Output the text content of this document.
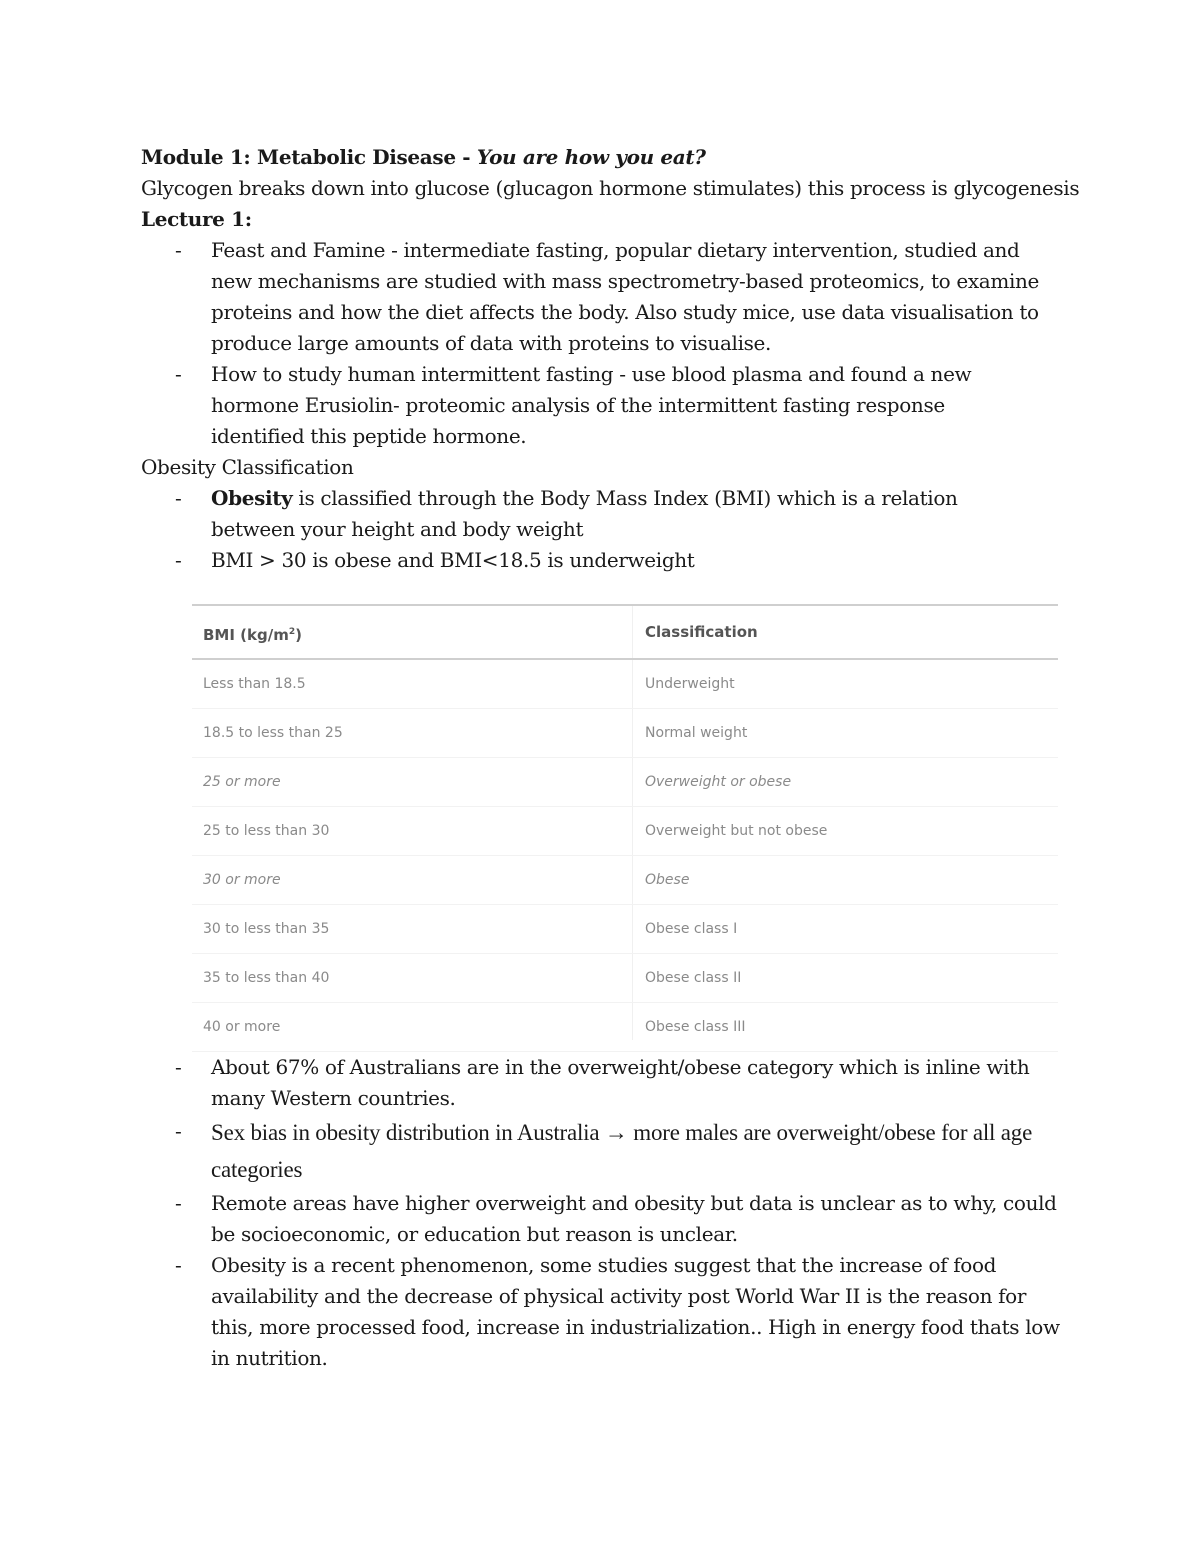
Module 1: Metabolic Disease - You are how you eat?
Glycogen breaks down into glucose (glucagon hormone stimulates) this process is glycogenesis
Lecture 1:
- Feast and Famine - intermediate fasting, popular dietary intervention, studied and new mechanisms are studied with mass spectrometry-based proteomics, to examine proteins and how the diet affects the body. Also study mice, use data visualisation to produce large amounts of data with proteins to visualise.
- How to study human intermittent fasting - use blood plasma and found a new hormone Erusiolin- proteomic analysis of the intermittent fasting response identified this peptide hormone.
Obesity Classification
- Obesity is classified through the Body Mass Index (BMI) which is a relation between your height and body weight
- BMI > 30 is obese and BMI<18.5 is underweight
BMI $(kg/m^2)$	Classification
Less than 18.5	Underweight
18.5 to less than 25	Normal weight
25 or more	Overweight or obese
25 to less than 30	Overweight but not obese
30 or more	Obese
30 to less than 35	Obese class I
35 to less than 40	Obese class II
40 or more	Obese class III
- About 67% of Australians are in the overweight/obese category which is inline with many Western countries.
- Sex bias in obesity distribution in Australia → more males are overweight/obese for all age categories
- Remote areas have higher overweight and obesity but data is unclear as to why, could be socioeconomic, or education but reason is unclear.
- Obesity is a recent phenomenon, some studies suggest that the increase of food availability and the decrease of physical activity post World War II is the reason for this, more processed food, increase in industrialization.. High in energy food thats low in nutrition.
